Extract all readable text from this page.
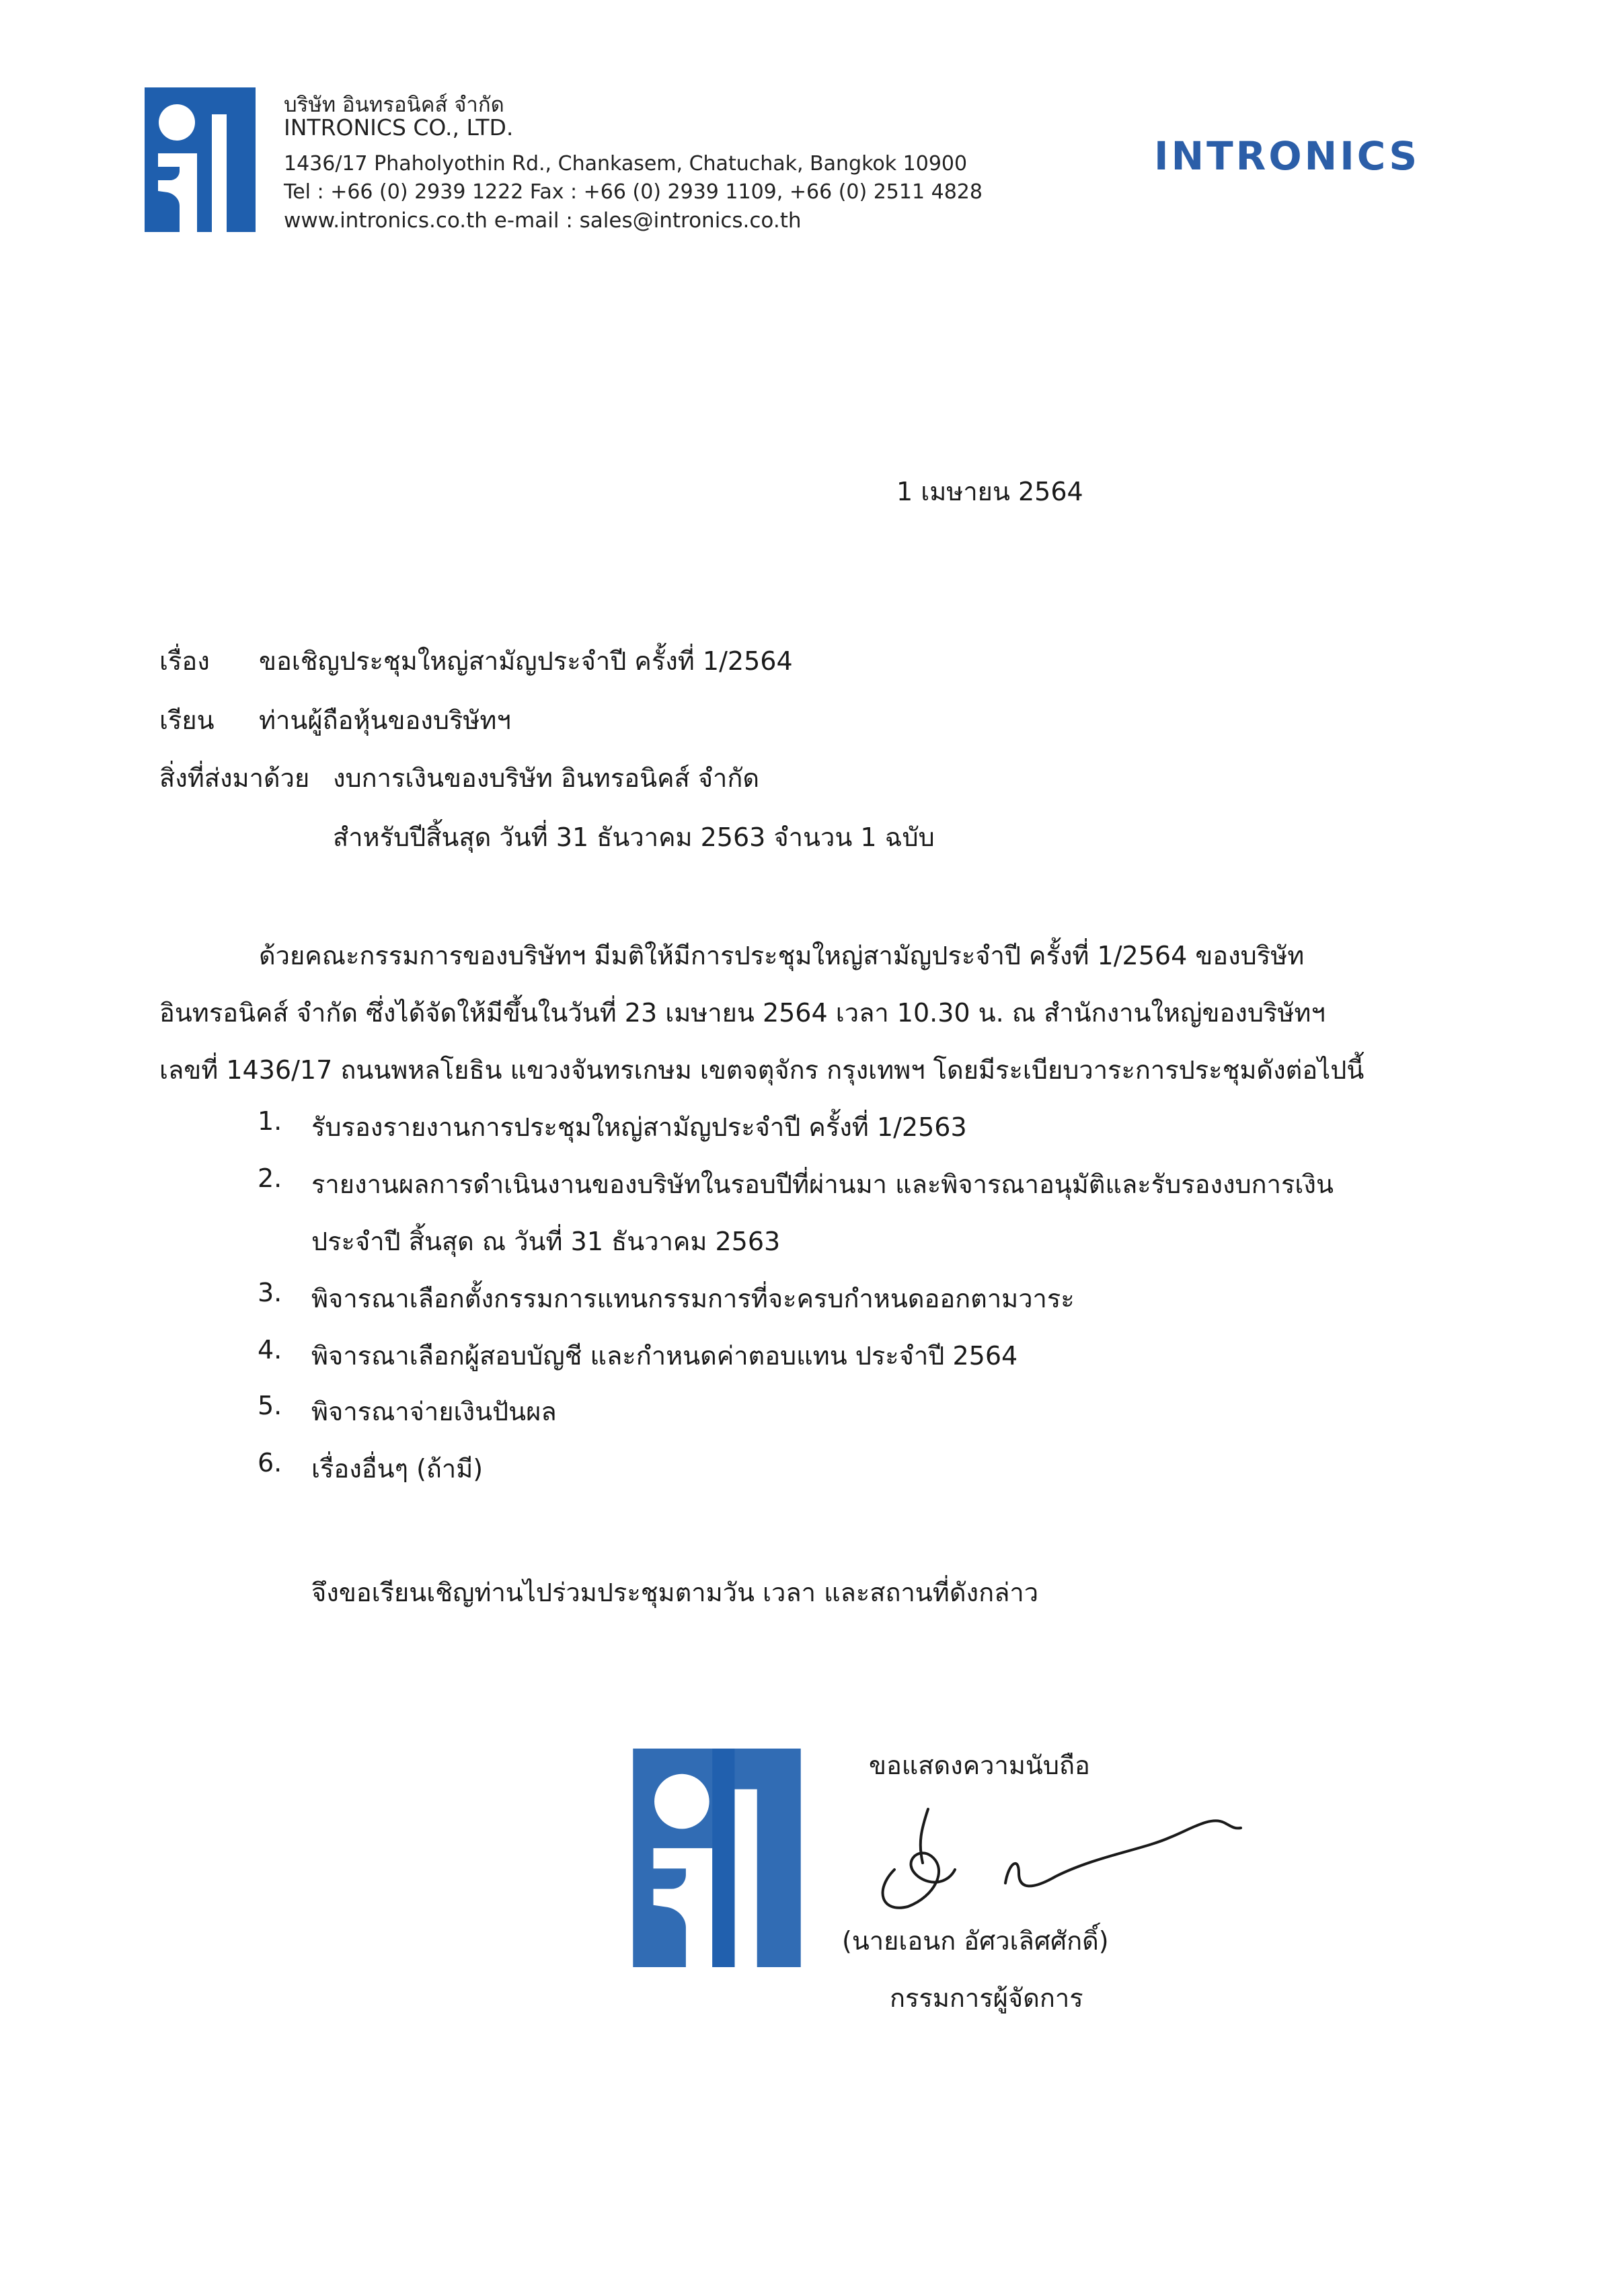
บริษัท อินทรอนิคส์ จำกัด
INTRONICS CO., LTD.
1436/17 Phaholyothin Rd., Chankasem, Chatuchak, Bangkok 10900
Tel : +66 (0) 2939 1222 Fax : +66 (0) 2939 1109, +66 (0) 2511 4828
www.intronics.co.th e-mail : sales@intronics.co.th
INTRONICS
1 เมษายน 2564
เรื่อง ขอเชิญประชุมใหญ่สามัญประจำปี ครั้งที่ 1/2564
เรียน ท่านผู้ถือหุ้นของบริษัทฯ
สิ่งที่ส่งมาด้วย งบการเงินของบริษัท อินทรอนิคส์ จำกัด
สำหรับปีสิ้นสุด วันที่ 31 ธันวาคม 2563 จำนวน 1 ฉบับ
ด้วยคณะกรรมการของบริษัทฯ มีมติให้มีการประชุมใหญ่สามัญประจำปี ครั้งที่ 1/2564 ของบริษัท
อินทรอนิคส์ จำกัด ซึ่งได้จัดให้มีขึ้นในวันที่ 23 เมษายน 2564 เวลา 10.30 น. ณ สำนักงานใหญ่ของบริษัทฯ
เลขที่ 1436/17 ถนนพหลโยธิน แขวงจันทรเกษม เขตจตุจักร กรุงเทพฯ โดยมีระเบียบวาระการประชุมดังต่อไปนี้
1. รับรองรายงานการประชุมใหญ่สามัญประจำปี ครั้งที่ 1/2563
2. รายงานผลการดำเนินงานของบริษัทในรอบปีที่ผ่านมา และพิจารณาอนุมัติและรับรองงบการเงิน
ประจำปี สิ้นสุด ณ วันที่ 31 ธันวาคม 2563
3. พิจารณาเลือกตั้งกรรมการแทนกรรมการที่จะครบกำหนดออกตามวาระ
4. พิจารณาเลือกผู้สอบบัญชี และกำหนดค่าตอบแทน ประจำปี 2564
5. พิจารณาจ่ายเงินปันผล
6. เรื่องอื่นๆ (ถ้ามี)
จึงขอเรียนเชิญท่านไปร่วมประชุมตามวัน เวลา และสถานที่ดังกล่าว
ขอแสดงความนับถือ
(นายเอนก อัศวเลิศศักดิ์)
กรรมการผู้จัดการ
